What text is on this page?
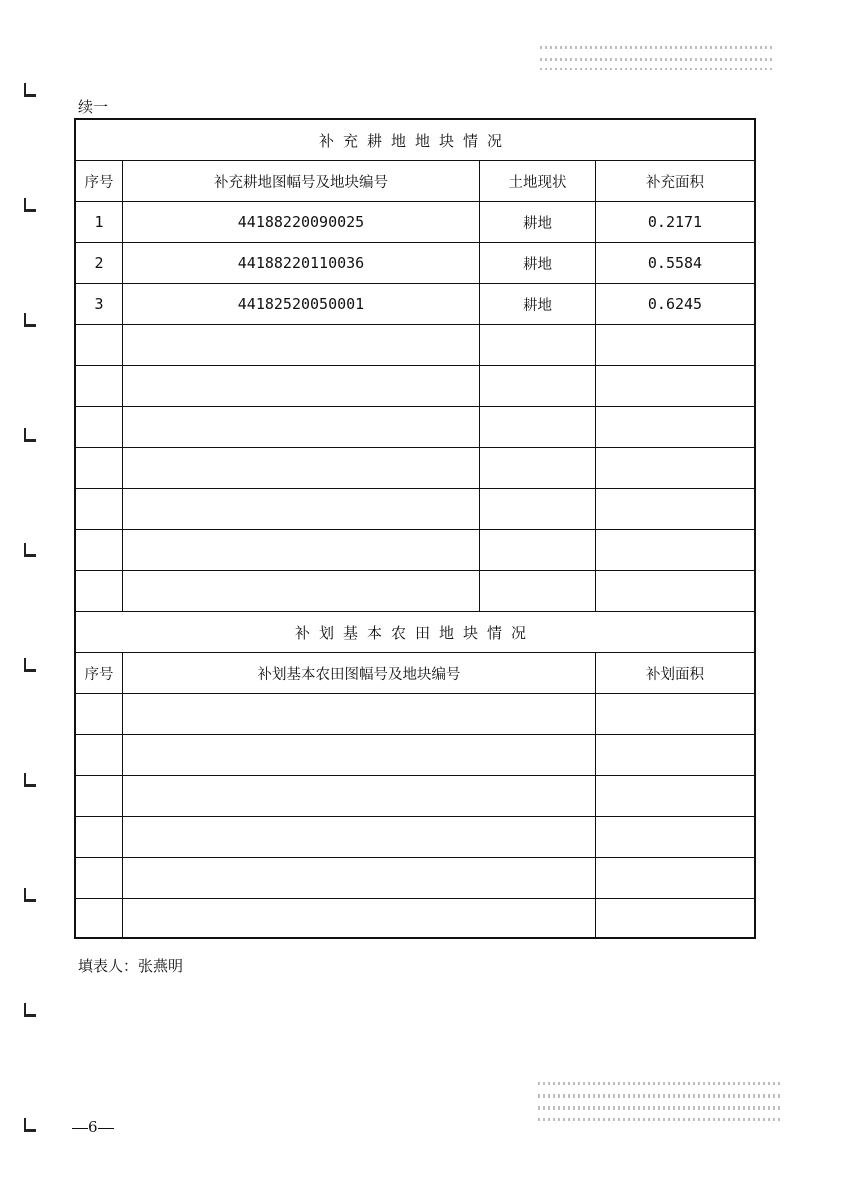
续一
补充耕地地块情况
序号	补充耕地图幅号及地块编号	土地现状	补充面积
1	44188220090025	耕地	0.2171
2	44188220110036	耕地	0.5584
3	44182520050001	耕地	0.6245
补划基本农田地块情况
序号	补划基本农田图幅号及地块编号	补划面积
填表人：张燕明
6
